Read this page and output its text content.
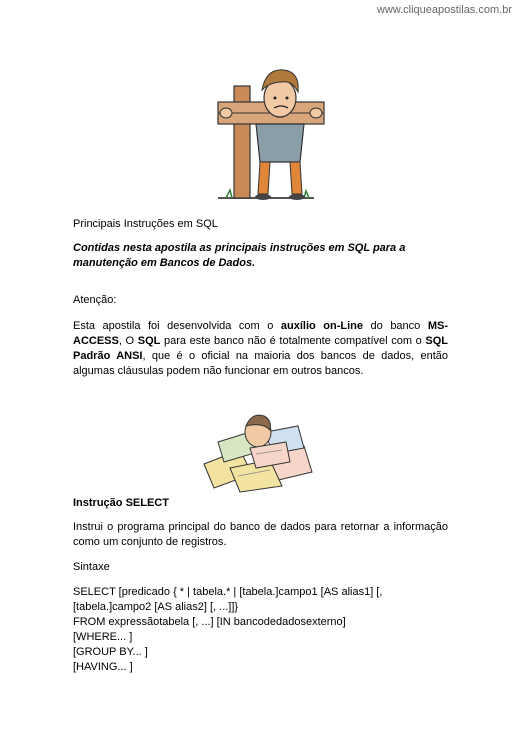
www.cliqueapostilas.com.br
Principais Instruções em SQL
Contidas nesta apostila as principais instruções em SQL para a manutenção em Bancos de Dados.
Atenção:
Esta apostila foi desenvolvida com o auxílio on-Line do banco MS-ACCESS, O SQL para este banco não é totalmente compatível com o SQL Padrão ANSI, que é o oficial na maioria dos bancos de dados, então algumas cláusulas podem não funcionar em outros bancos.
Instrução SELECT
Instrui o programa principal do banco de dados para retornar a informação como um conjunto de registros.
Sintaxe
SELECT [predicado { * | tabela.* | [tabela.]campo1 [AS alias1] [, [tabela.]campo2 [AS alias2] [, ...]]}
FROM expressãotabela [, ...] [IN bancodedadosexterno]
[WHERE... ]
[GROUP BY... ]
[HAVING... ]
